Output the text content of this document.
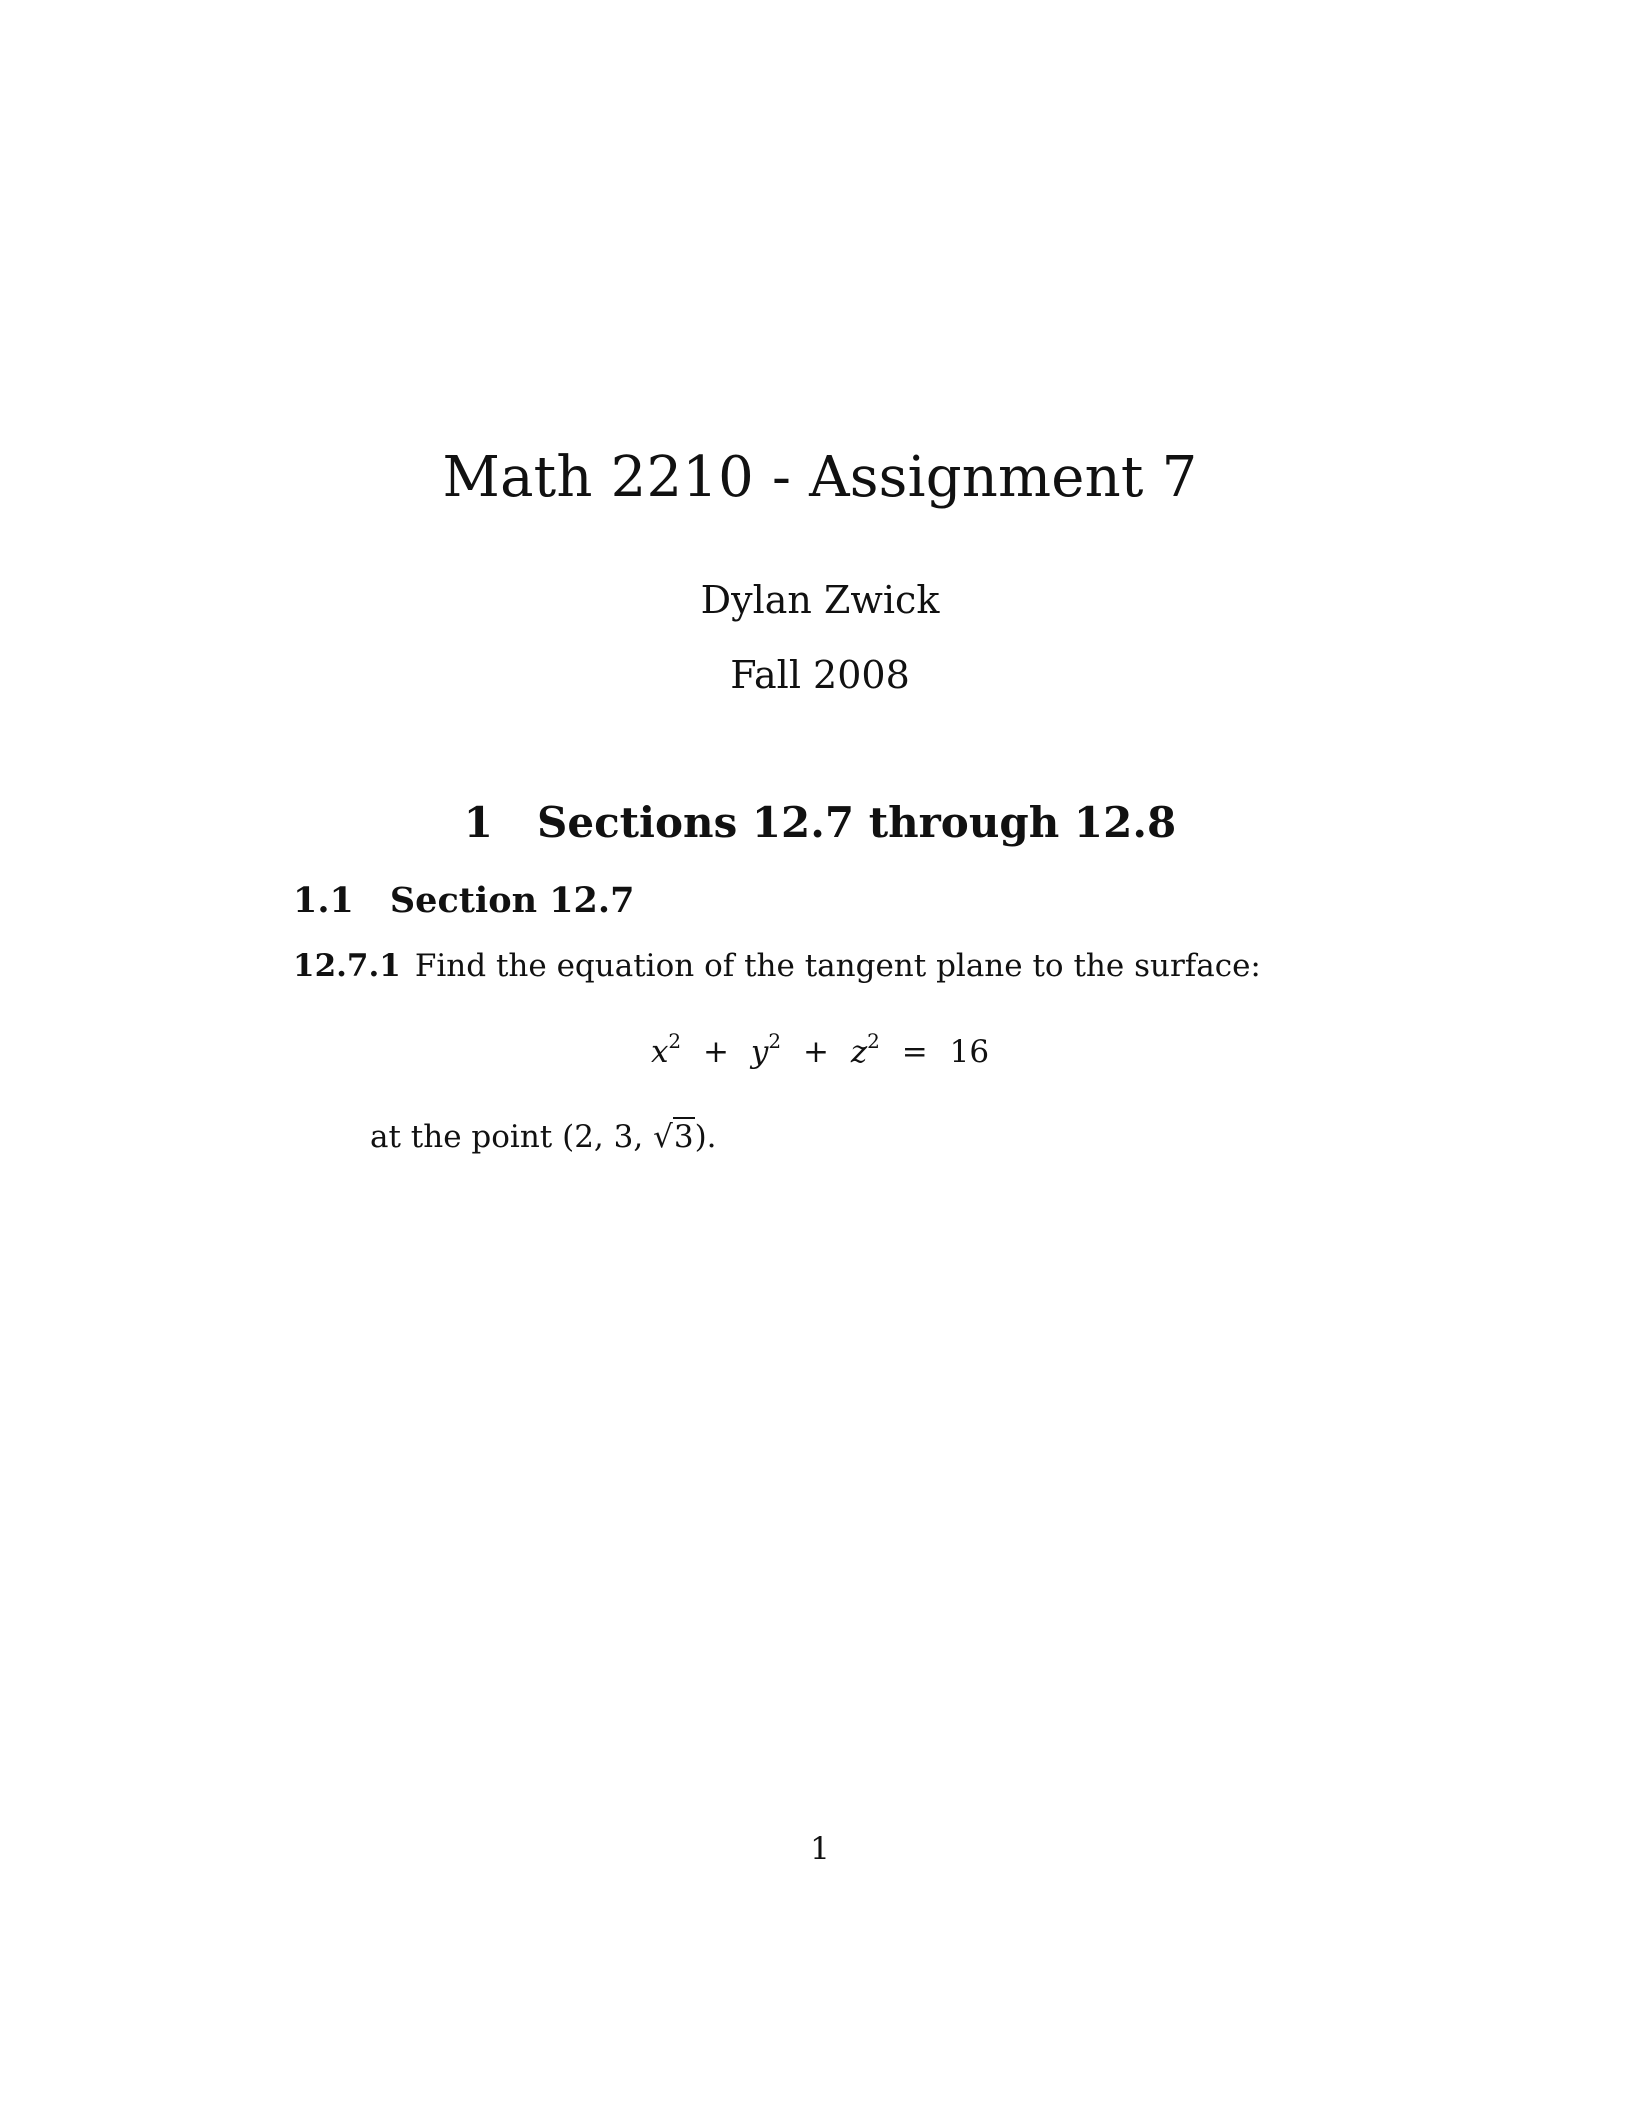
Math 2210 - Assignment 7
Dylan Zwick
Fall 2008
1 Sections 12.7 through 12.8
1.1 Section 12.7
12.7.1 Find the equation of the tangent plane to the surface:
$x^2 + y^2 + z^2 = 16$
at the point (2, 3, √3).
1
